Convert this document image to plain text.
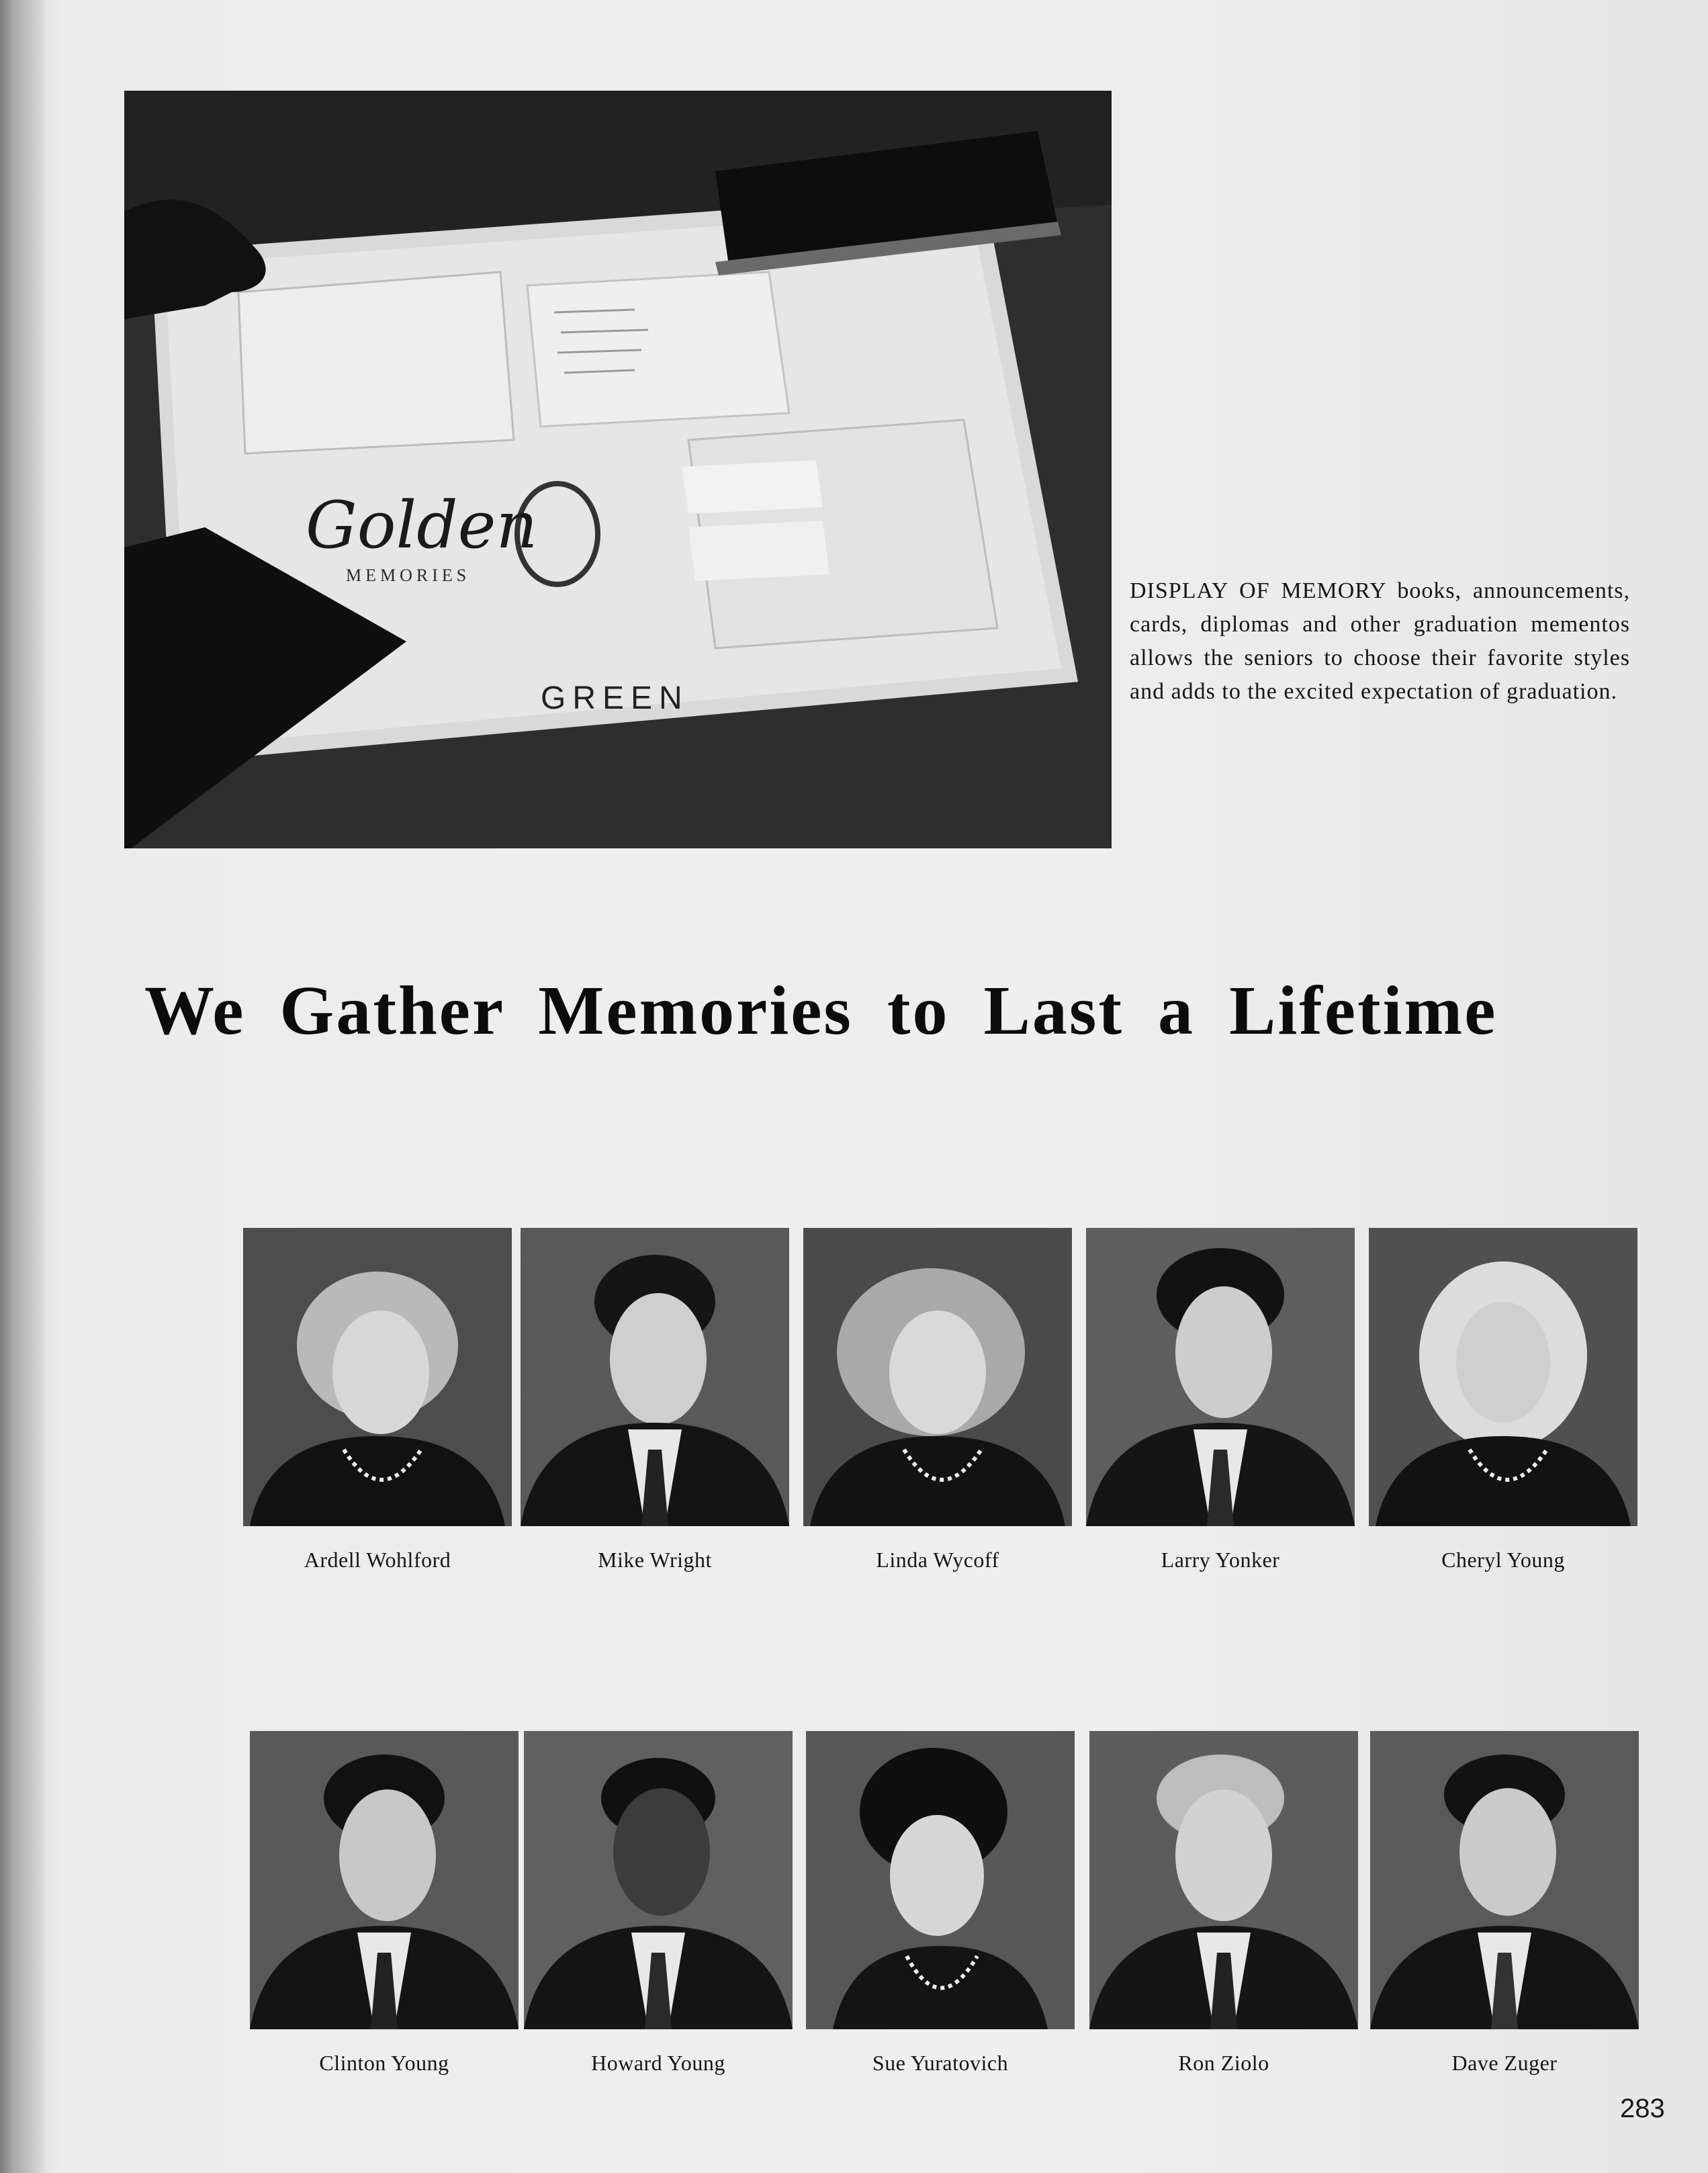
Golden
MEMORIES
GREEN
DISPLAY OF MEMORY books, announcements, cards, diplomas and other graduation mementos allows the seniors to choose their favorite styles and adds to the excited expectation of graduation.
We Gather Memories to Last a Lifetime
Ardell Wohlford	Mike Wright	Linda Wycoff	Larry Yonker	Cheryl Young
Clinton Young	Howard Young	Sue Yuratovich	Ron Ziolo	Dave Zuger
283
